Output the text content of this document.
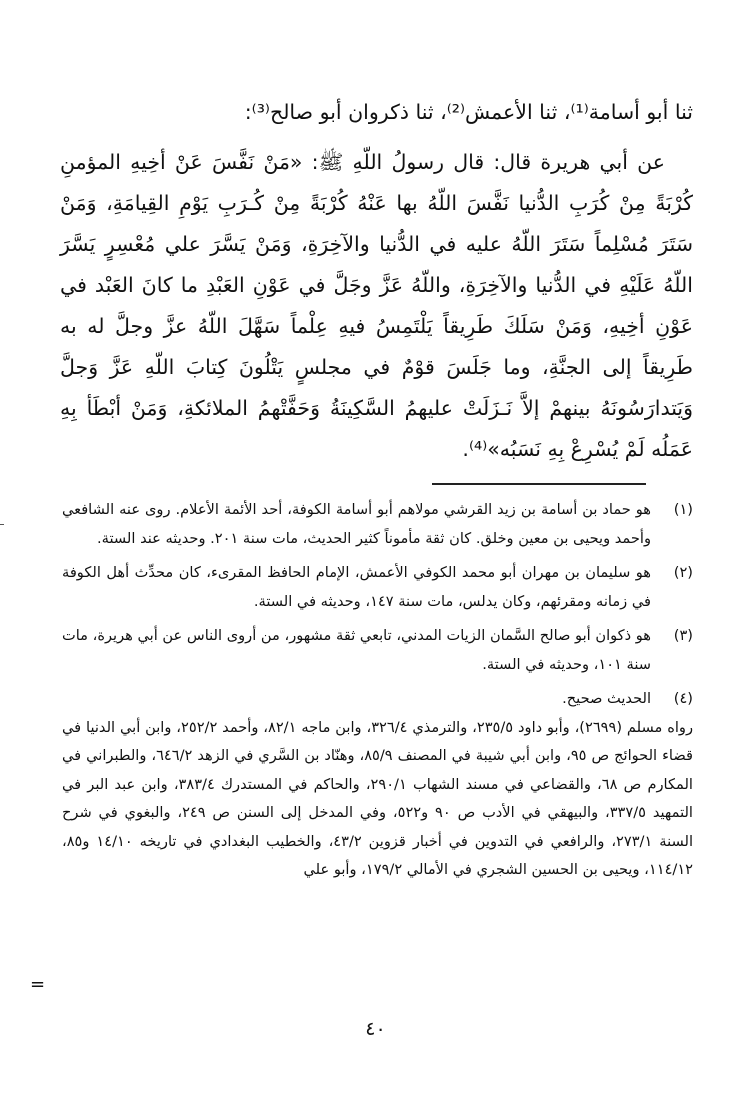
ثنا أبو أسامة⁽¹⁾، ثنا الأعمش⁽²⁾، ثنا ذكروان أبو صالح⁽³⁾:

عن أبي هريرة قال: قال رسولُ اللّهِ ﷺ: «مَنْ نَفَّسَ عَنْ أخِيهِ المؤمنِ كُرْبَةً مِنْ كُرَبِ الدُّنيا نَفَّسَ اللّهُ بها عَنْهُ كُرْبَةً مِنْ كُـرَبِ يَوْمِ القِيامَةِ، وَمَنْ سَتَرَ مُسْلِماً سَتَرَ اللّهُ عليه في الدُّنيا والآخِرَةِ، وَمَنْ يَسَّرَ علي مُعْسِرٍ يَسَّرَ اللّهُ عَلَيْهِ في الدُّنيا والآخِرَةِ، واللّهُ عَزَّ وجَلَّ في عَوْنِ العَبْدِ ما كانَ العَبْد في عَوْنِ أخِيهِ، وَمَنْ سَلَكَ طَرِيقاً يَلْتَمِسُ فيهِ عِلْماً سَهَّلَ اللّهُ عزَّ وجلَّ له به طَرِيقاً إلى الجنَّةِ، وما جَلَسَ قوْمٌ في مجلسٍ يَتْلُونَ كِتابَ اللّهِ عَزَّ وَجلَّ وَيَتدارَسُونَهُ بينهمْ إلاَّ نَـزَلَتْ عليهمُ السَّكِينَةُ وَحَفَّتْهمُ الملائكةِ، وَمَنْ أبْطَأ بِهِ عَمَلُه لَمْ يُسْرِعْ بِهِ نَسَبُه»⁽⁴⁾.

(١)
هو حماد بن أسامة بن زيد القرشي مولاهم أبو أسامة الكوفة، أحد الأئمة الأعلام. روى عنه الشافعي وأحمد ويحيى بن معين وخلق. كان ثقة مأموناً كثير الحديث، مات سنة ٢٠١. وحديثه عند الستة.
(٢)
هو سليمان بن مهران أبو محمد الكوفي الأعمش، الإمام الحافظ المقرىء، كان محدِّث أهل الكوفة في زمانه ومقرئهم، وكان يدلس، مات سنة ١٤٧، وحديثه في الستة.
(٣)
هو ذكوان أبو صالح السَّمان الزيات المدني، تابعي ثقة مشهور، من أروى الناس عن أبي هريرة، مات سنة ١٠١، وحديثه في الستة.
(٤)
الحديث صحيح.
رواه مسلم (٢٦٩٩)، وأبو داود ٢٣٥/٥، والترمذي ٣٢٦/٤، وابن ماجه ٨٢/١، وأحمد ٢٥٢/٢، وابن أبي الدنيا في قضاء الحوائج ص ٩٥، وابن أبي شيبة في المصنف ٨٥/٩، وهنّاد بن السَّري في الزهد ٦٤٦/٢، والطبراني في المكارم ص ٦٨، والقضاعي في مسند الشهاب ٢٩٠/١، والحاكم في المستدرك ٣٨٣/٤، وابن عبد البر في التمهيد ٣٣٧/٥، والبيهقي في الأدب ص ٩٠ و٥٢٢، وفي المدخل إلى السنن ص ٢٤٩، والبغوي في شرح السنة ٢٧٣/١، والرافعي في التدوين في أخبار قزوين ٤٣/٢، والخطيب البغدادي في تاريخه ١٤/١٠ و٨٥، ١١٤/١٢، ويحيى بن الحسين الشجري في الأمالي ١٧٩/٢، وأبو علي
=
٤٠
